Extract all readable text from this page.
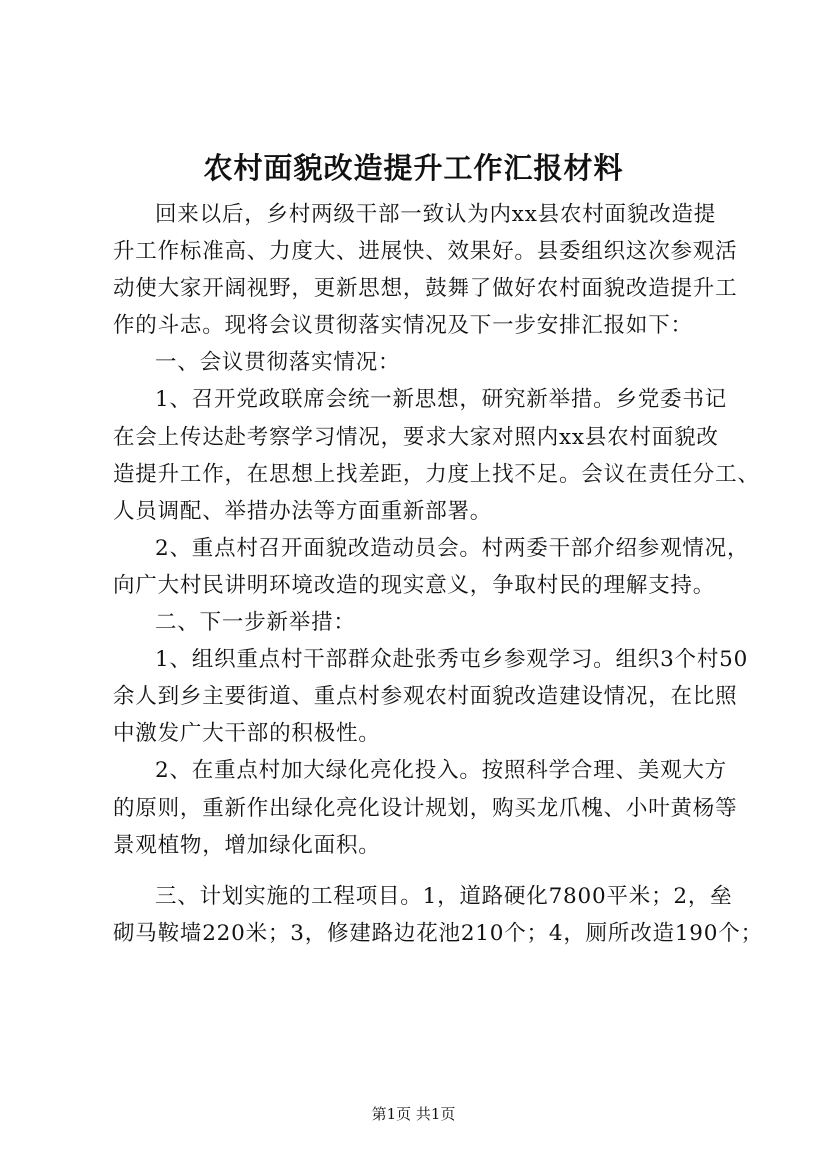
农村面貌改造提升工作汇报材料
回来以后，乡村两级干部一致认为内xx县农村面貌改造提
升工作标准高、力度大、进展快、效果好。县委组织这次参观活
动使大家开阔视野，更新思想，鼓舞了做好农村面貌改造提升工
作的斗志。现将会议贯彻落实情况及下一步安排汇报如下：
一、会议贯彻落实情况：
1、召开党政联席会统一新思想，研究新举措。乡党委书记
在会上传达赴考察学习情况，要求大家对照内xx县农村面貌改
造提升工作，在思想上找差距，力度上找不足。会议在责任分工、
人员调配、举措办法等方面重新部署。
2、重点村召开面貌改造动员会。村两委干部介绍参观情况，
向广大村民讲明环境改造的现实意义，争取村民的理解支持。
二、下一步新举措：
1、组织重点村干部群众赴张秀屯乡参观学习。组织3个村50
余人到乡主要街道、重点村参观农村面貌改造建设情况，在比照
中激发广大干部的积极性。
2、在重点村加大绿化亮化投入。按照科学合理、美观大方
的原则，重新作出绿化亮化设计规划，购买龙爪槐、小叶黄杨等
景观植物，增加绿化面积。
三、计划实施的工程项目。1，道路硬化7800平米；2，垒
砌马鞍墙220米；3，修建路边花池210个；4，厕所改造190个；
第1页 共1页
